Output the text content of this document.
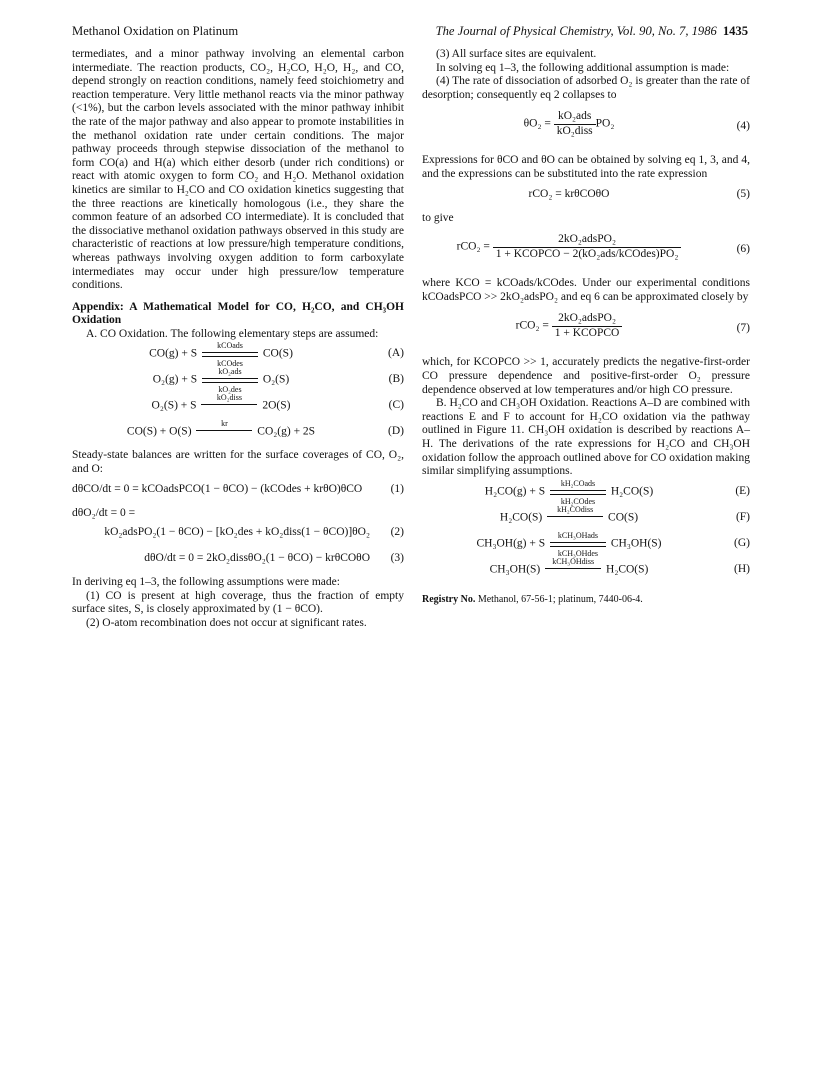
Methanol Oxidation on Platinum	The Journal of Physical Chemistry, Vol. 90, No. 7, 1986 1435

termediates, and a minor pathway involving an elemental carbon intermediate. The reaction products, CO₂, H₂CO, H₂O, H₂, and CO, depend strongly on reaction conditions, namely feed stoichiometry and reaction temperature. Very little methanol reacts via the minor pathway (<1%), but the carbon levels associated with the minor pathway inhibit the rate of the major pathway and also appear to promote instabilities in the methanol oxidation rate under certain conditions. The major pathway proceeds through stepwise dissociation of the methanol to form CO(a) and H(a) which either desorb (under rich conditions) or react with atomic oxygen to form CO₂ and H₂O. Methanol oxidation kinetics are similar to H₂CO and CO oxidation kinetics suggesting that the three reactions are kinetically homologous (i.e., they share the common feature of an adsorbed CO intermediate). It is concluded that the dissociative methanol oxidation pathways observed in this study are characteristic of reactions at low pressure/high temperature conditions, whereas pathways involving oxygen addition to form carboxylate intermediates may occur under high pressure/low temperature conditions.

Appendix: A Mathematical Model for CO, H₂CO, and CH₃OH Oxidation

A. CO Oxidation. The following elementary steps are assumed:

CO(g) + S
kCOads
kCOdes
CO(S)	(A)
O₂(g) + S
kO₂ads
kO₂des
O₂(S)	(B)
O₂(S) + S
kO₂diss
2O(S)	(C)
CO(S) + O(S)
kr
CO₂(g) + 2S	(D)

Steady-state balances are written for the surface coverages of CO, O₂, and O:

dθCO/dt = 0 = kCOadsPCO(1 − θCO) − (kCOdes + krθO)θCO	(1)

dθO₂/dt = 0 =

kO₂adsPO₂(1 − θCO) − [kO₂des + kO₂diss(1 − θCO)]θO₂ (2)
dθO/dt = 0 = 2kO₂dissθO₂(1 − θCO) − krθCOθO (3)

In deriving eq 1–3, the following assumptions were made:

(1) CO is present at high coverage, thus the fraction of empty surface sites, S, is closely approximated by (1 − θCO).

(2) O-atom recombination does not occur at significant rates.

(3) All surface sites are equivalent.

In solving eq 1–3, the following additional assumption is made:

(4) The rate of dissociation of adsorbed O₂ is greater than the rate of desorption; consequently eq 2 collapses to

$\theta O_2 = \frac{\text{kO₂ads}}{\text{kO₂diss}} PO_2$	(4)

Expressions for θCO and θO can be obtained by solving eq 1, 3, and 4, and the expressions can be substituted into the rate expression

rCO₂ = krθCOθO	(5)

to give

$rCO_2 = \frac{\text{2kO₂adsPO₂}}{\text{1 + KCOPCO − 2(kO₂ads/kCOdes)PO₂}}$	(6)

where KCO = kCOads/kCOdes. Under our experimental conditions kCOadsPCO >> 2kO₂adsPO₂ and eq 6 can be approximated closely by

$rCO_2 = \frac{\text{2kO₂adsPO₂}}{\text{1 + KCOPCO}}$	(7)

which, for KCOPCO >> 1, accurately predicts the negative-first-order CO pressure dependence and positive-first-order O₂ pressure dependence observed at low temperatures and/or high CO pressure.

B. H₂CO and CH₃OH Oxidation. Reactions A–D are combined with reactions E and F to account for H₂CO oxidation via the pathway outlined in Figure 11. CH₃OH oxidation is described by reactions A–H. The derivations of the rate expressions for H₂CO and CH₃OH oxidation follow the approach outlined above for CO oxidation making similar simplifying assumptions.

H₂CO(g) + S
kH₂COads
kH₂COdes
H₂CO(S)	(E)
H₂CO(S)
kH₂COdiss
CO(S)	(F)
CH₃OH(g) + S
kCH₃OHads
kCH₃OHdes
CH₃OH(S)	(G)
CH₃OH(S)
kCH₃OHdiss
H₂CO(S)	(H)

Registry No. Methanol, 67-56-1; platinum, 7440-06-4.
